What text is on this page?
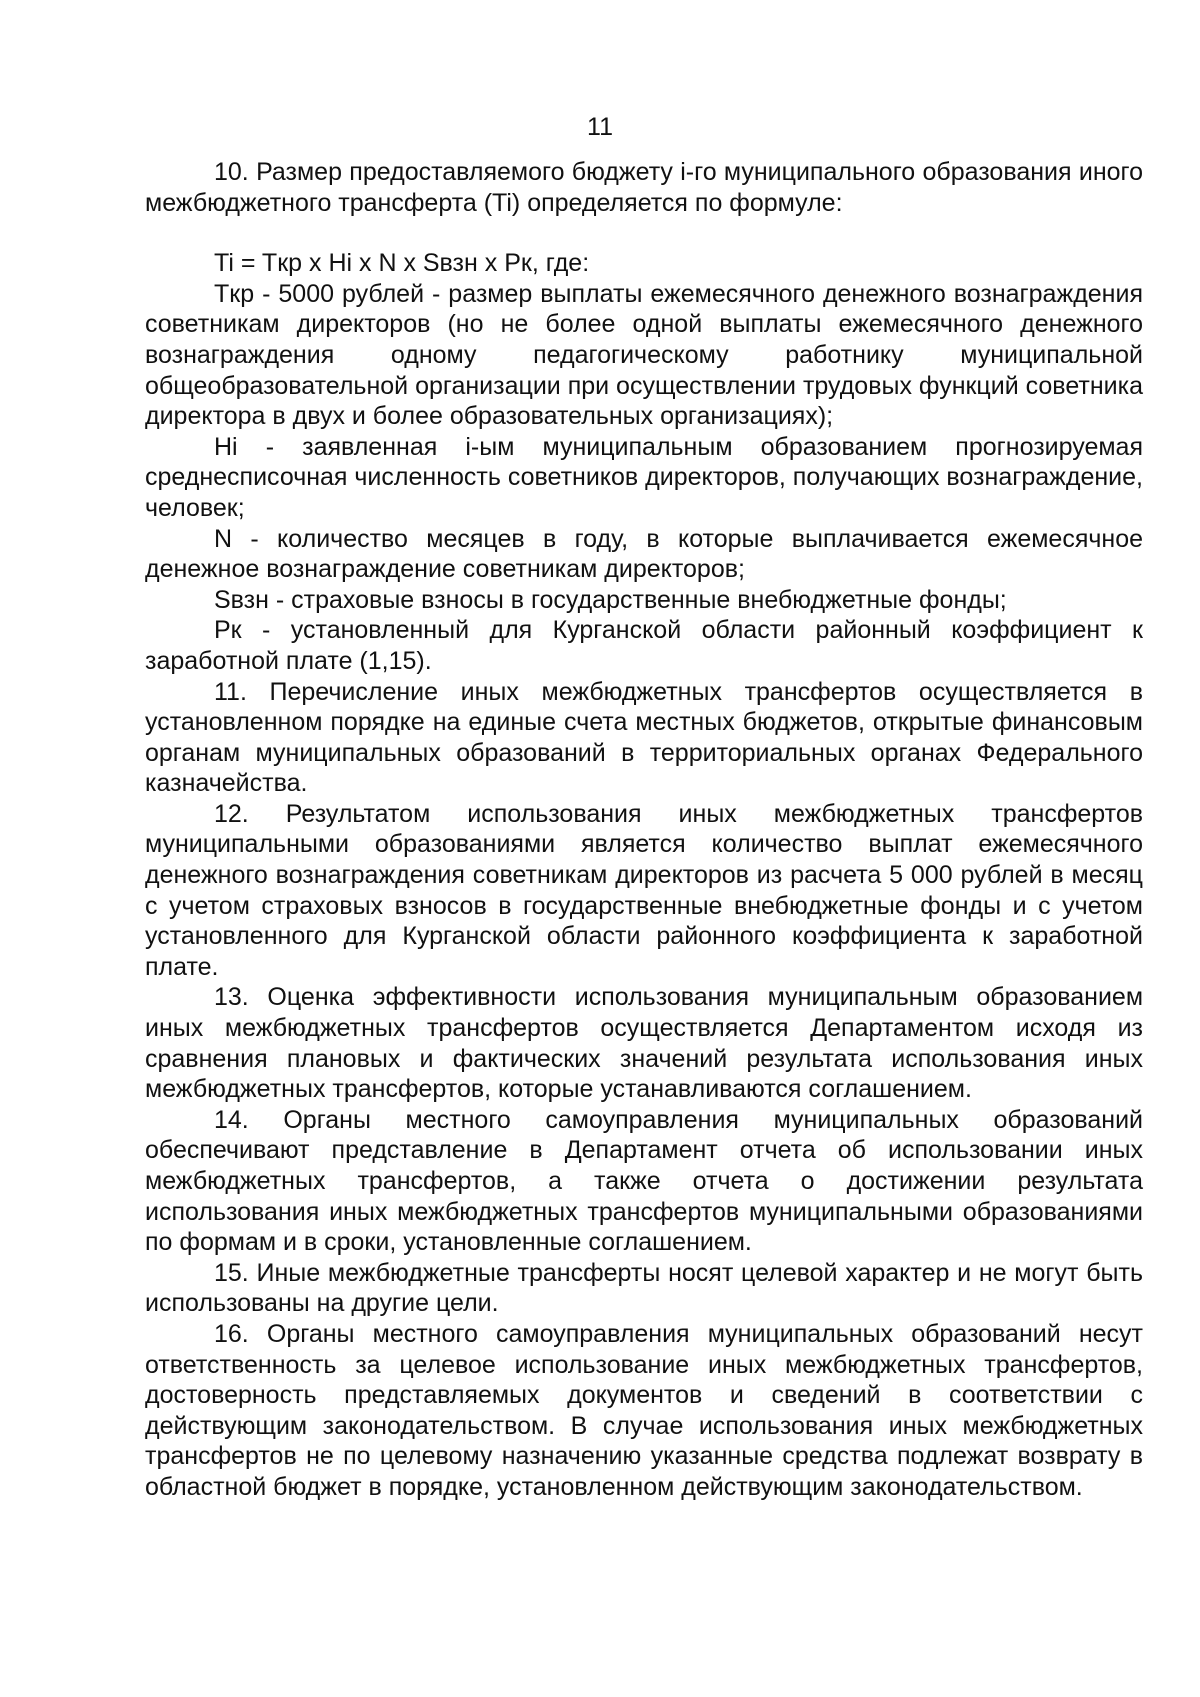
11

10. Размер предоставляемого бюджету i-го муниципального образования иного межбюджетного трансферта (Ti) определяется по формуле:

Ti = Tкр x Hi x N x Sвзн x Pк, где:

Tкр - 5000 рублей - размер выплаты ежемесячного денежного вознаграждения советникам директоров (но не более одной выплаты ежемесячного денежного вознаграждения одному педагогическому работнику муниципальной общеобразовательной организации при осуществлении трудовых функций советника директора в двух и более образовательных организациях);

Hi - заявленная i-ым муниципальным образованием прогнозируемая среднесписочная численность советников директоров, получающих вознаграждение, человек;

N - количество месяцев в году, в которые выплачивается ежемесячное денежное вознаграждение советникам директоров;

Sвзн - страховые взносы в государственные внебюджетные фонды;

Pк - установленный для Курганской области районный коэффициент к заработной плате (1,15).

11. Перечисление иных межбюджетных трансфертов осуществляется в установленном порядке на единые счета местных бюджетов, открытые финансовым органам муниципальных образований в территориальных органах Федерального казначейства.

12. Результатом использования иных межбюджетных трансфертов муниципальными образованиями является количество выплат ежемесячного денежного вознаграждения советникам директоров из расчета 5 000 рублей в месяц с учетом страховых взносов в государственные внебюджетные фонды и с учетом установленного для Курганской области районного коэффициента к заработной плате.

13. Оценка эффективности использования муниципальным образованием иных межбюджетных трансфертов осуществляется Департаментом исходя из сравнения плановых и фактических значений результата использования иных межбюджетных трансфертов, которые устанавливаются соглашением.

14. Органы местного самоуправления муниципальных образований обеспечивают представление в Департамент отчета об использовании иных межбюджетных трансфертов, а также отчета о достижении результата использования иных межбюджетных трансфертов муниципальными образованиями по формам и в сроки, установленные соглашением.

15. Иные межбюджетные трансферты носят целевой характер и не могут быть использованы на другие цели.

16. Органы местного самоуправления муниципальных образований несут ответственность за целевое использование иных межбюджетных трансфертов, достоверность представляемых документов и сведений в соответствии с действующим законодательством. В случае использования иных межбюджетных трансфертов не по целевому назначению указанные средства подлежат возврату в областной бюджет в порядке, установленном действующим законодательством.
